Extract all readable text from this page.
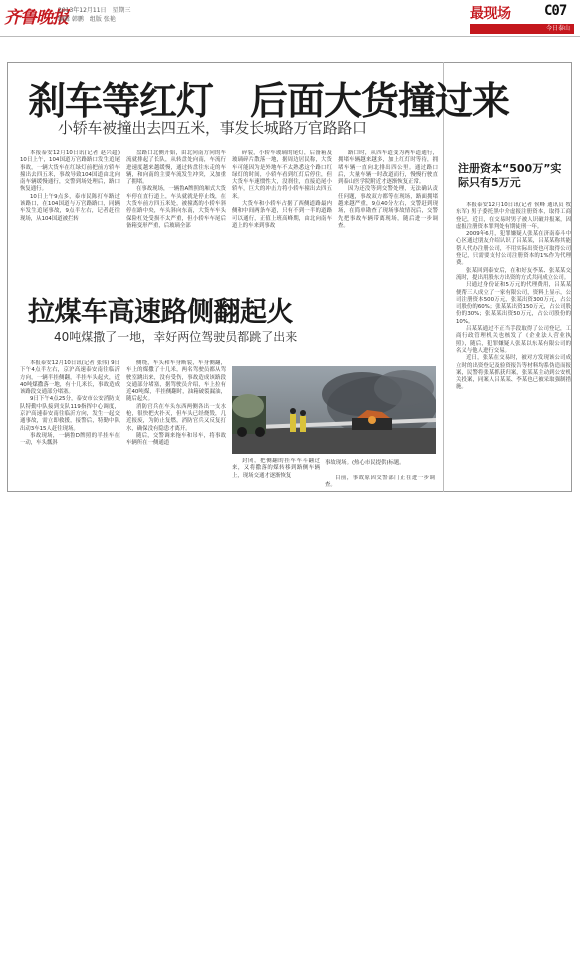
齐鲁晚报
2013年12月11日　星期三
编辑 韩鹏　组版 张艳	最现场 C07
今日泰山
刹车等红灯　后面大货撞过来
小轿车被撞出去四五米，事发长城路万官路路口

本报泰安12月10日讯(记者 赵兴超) 10日上午，104国道万官路路口发生追尾事故，一辆大货车在红绿灯前把前方轿车撞出去四五米，事故导致104国道由北向南车辆缓慢通行，交警到场处理后，路口恢复通行。

10日上午9点多，泰市民陈打车路过该路口，在104国道与万官路路口，同辆车发生追尾事故，9点半左右，记者赶往现场，从104国道被拦转

盘路口北侧开始，由北向南方向的车流就排起了长队，从转盘处向南，车流行进速度越来越缓慢，通过转盘往东走的车辆，和向南的主要车流发生冲突，又加重了拥堵。

在事故现场，一辆鲁A牌照的厢式大货车停在直行道上，车头就就是停止线，在大货车前方四五米处，被撞离的小轿车斜停在路中央，车头斜向东南，大货车车头保险杠处受损不太严重，但小轿车车尾后备箱变形严重，后玻璃全部

碎裂，小轿车玻璃的尾灯，后备箱及玻璃碎片散落一地，据周边居民称，大货车可能因为是外地车不太熟悉这个路口红绿灯的时间，小轿车看到红灯后停住，但大货车车速惯性大，没刹住，直接追尾小轿车，巨大的冲击力将小轿车撞出去四五米。

大货车和小轿车占据了西侧道路最内侧和中间两条车道，只有不到一半的道路可以通行，正值上班高峰期，由北向南车道上的车来到事故

路口时，从四车道变为两车道通行，拥堵车辆越来越多，加上红灯时等待，拥堵车辆一直向北排出四公里。通过路口后，大量车辆一时改道而行，慢慢行驶直到泰山医学院附近才逐渐恢复正常。

因为还没等到交警处理，无法确认责任问题，事故双方都等在现场，路面拥堵越来越严重，9点40分左右，交警赶到现场，在简单勘查了现场事故情况后，交警先把事故车辆带离现场，随后进一步调查。

拉煤车高速路侧翻起火
40吨煤撒了一地，幸好两位驾驶员都跳了出来

本报泰安12月10日讯(记者 张伟) 9日下午4点半左右，京沪高速泰安南往临沂方向，一辆半挂侧翻，半挂车头起火，近40吨煤撒落一地，有十几米长，事故造成该路段交通部分堵塞。

9日下午4点25分，泰安市公安消防支队特勤中队接到支队119指挥中心调度，京沪高速泰安南往临沂方向，发生一起交通事故，需立即救援，接警后，特勤中队出动3车15人赶往现场。

事故现场，一辆鲁D牌照的半挂车在一动，车头瓢斜

侧绕，车头和车身断裂，车身侧翻，车上的煤撒了十几米，两名驾驶员都从驾驶室跳出来，没有受伤，事故造成该路段交通部分堵塞，据驾驶员介绍，车上拉有近40吨煤，半挂侧翻时，油箱破裂漏油，随后起火。

消防官兵在车头东西两侧各出一支水枪，很快把火扑灭，但车头已经烧毁，几近报废，为防止复燃，消防官兵又反复打水，确保没有隐患才离开。

随后，交警调来拖车和吊车，将事故车辆所在一侧通道

封闭，把侧翻的挂车车斗翻过来，又将撒落的煤转移到路侧车辆上，现场交通才逐渐恢复

事故现场。(热心市民提供)标题。

目前，事故原因交警部门正在进一步调查。

注册资本“500万”实际只有5万元

本报泰安12月10日讯(记者 侯峰 通讯员 牧东军) 男子委托黑中介虚报注册资本，取得工商登记，近日，在交易时男子被人识破并报案，因虚报注册资本罪判处有期徒刑一年。

2009年6月，犯罪嫌疑人张某在济南泰斗中心区通过朋友介绍认识了吕某某，吕某某称其能帮人代办注册公司，不用实际出资也可取得公司登记，只需要支付公司注册资本的1%作为代理费。

张某回到泰安后，在和好友李某、张某某交流时，提出用股东方出资的方式共同成立公司。

只通过身份证和5万元的代理费用，吕某某便帮三人成立了一家有限公司，资料上显示，公司注册资本500万元，张某出资300万元，占公司股份的60%；张某某出资150万元，占公司股份的30%；张某某出资50万元，占公司股份的10%。

吕某某通过不正当手段取得了公司登记，工商行政管理机关也核发了《企业法人营业执照》，随后，犯罪嫌疑人张某以东某有限公司的名义与他人进行交易。

近日，张某在交易时，被对方发现该公司成立时的出资登记及验资报告等材料均系伪造而报案，民警将张某抓获归案，张某某主动到公安机关投案，同案人吕某某、李某也已被采取强制措施。
